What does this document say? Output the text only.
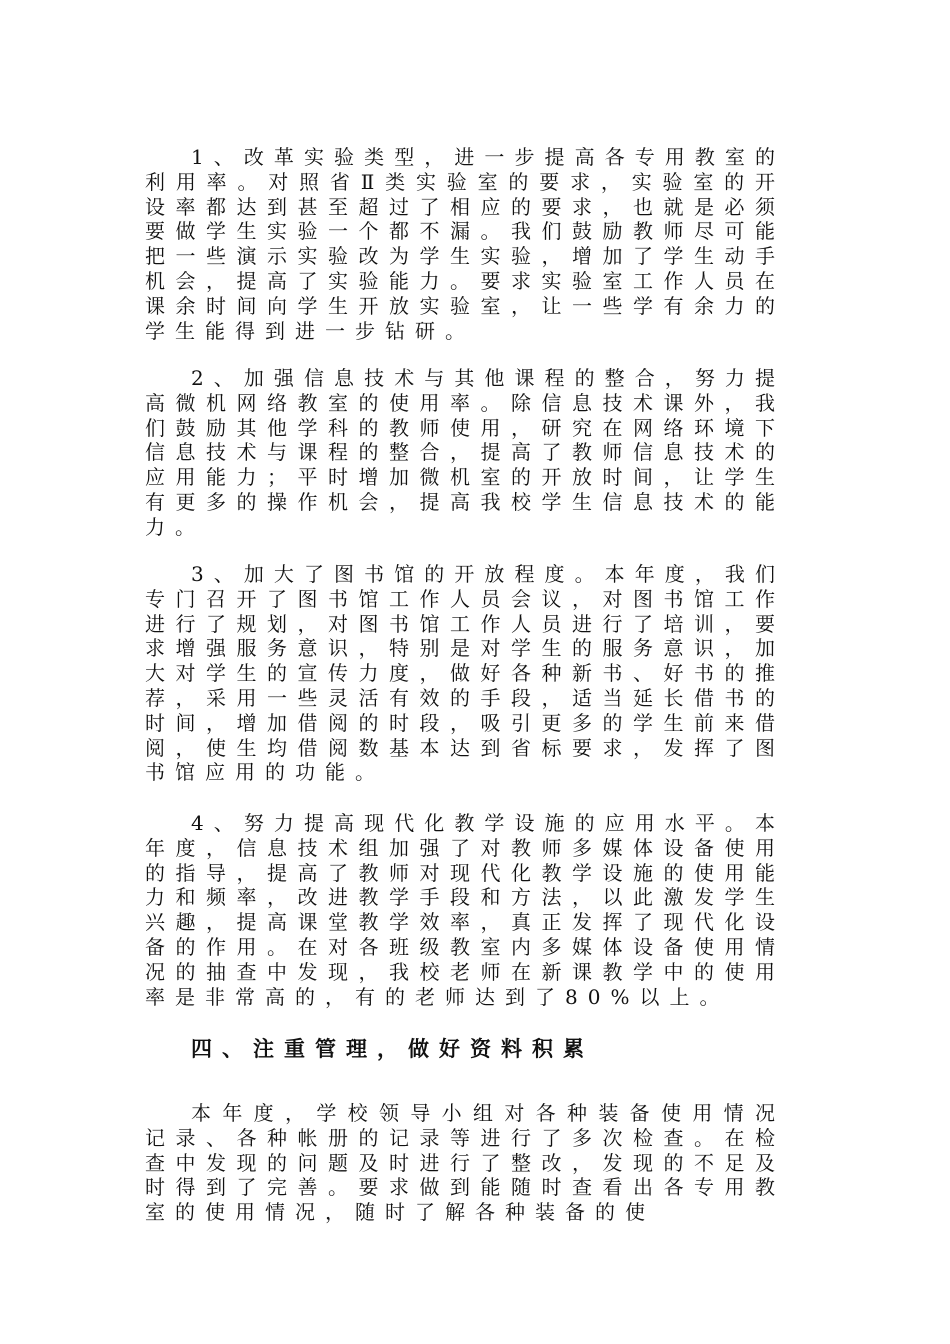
1、改革实验类型，进一步提高各专用教室的利用率。对照省Ⅱ类实验室的要求，实验室的开设率都达到甚至超过了相应的要求，也就是必须要做学生实验一个都不漏。我们鼓励教师尽可能把一些演示实验改为学生实验，增加了学生动手机会，提高了实验能力。要求实验室工作人员在课余时间向学生开放实验室，让一些学有余力的学生能得到进一步钻研。

2、加强信息技术与其他课程的整合，努力提高微机网络教室的使用率。除信息技术课外，我们鼓励其他学科的教师使用，研究在网络环境下信息技术与课程的整合，提高了教师信息技术的应用能力；平时增加微机室的开放时间，让学生有更多的操作机会，提高我校学生信息技术的能力。

3、加大了图书馆的开放程度。本年度，我们专门召开了图书馆工作人员会议，对图书馆工作进行了规划，对图书馆工作人员进行了培训，要求增强服务意识，特别是对学生的服务意识，加大对学生的宣传力度，做好各种新书、好书的推荐，采用一些灵活有效的手段，适当延长借书的时间，增加借阅的时段，吸引更多的学生前来借阅，使生均借阅数基本达到省标要求，发挥了图书馆应用的功能。

4、努力提高现代化教学设施的应用水平。本年度，信息技术组加强了对教师多媒体设备使用的指导，提高了教师对现代化教学设施的使用能力和频率，改进教学手段和方法，以此激发学生兴趣，提高课堂教学效率，真正发挥了现代化设备的作用。在对各班级教室内多媒体设备使用情况的抽查中发现，我校老师在新课教学中的使用率是非常高的，有的老师达到了80%以上。

四、注重管理，做好资料积累

本年度，学校领导小组对各种装备使用情况记录、各种帐册的记录等进行了多次检查。在检查中发现的问题及时进行了整改，发现的不足及时得到了完善。要求做到能随时查看出各专用教室的使用情况，随时了解各种装备的使
